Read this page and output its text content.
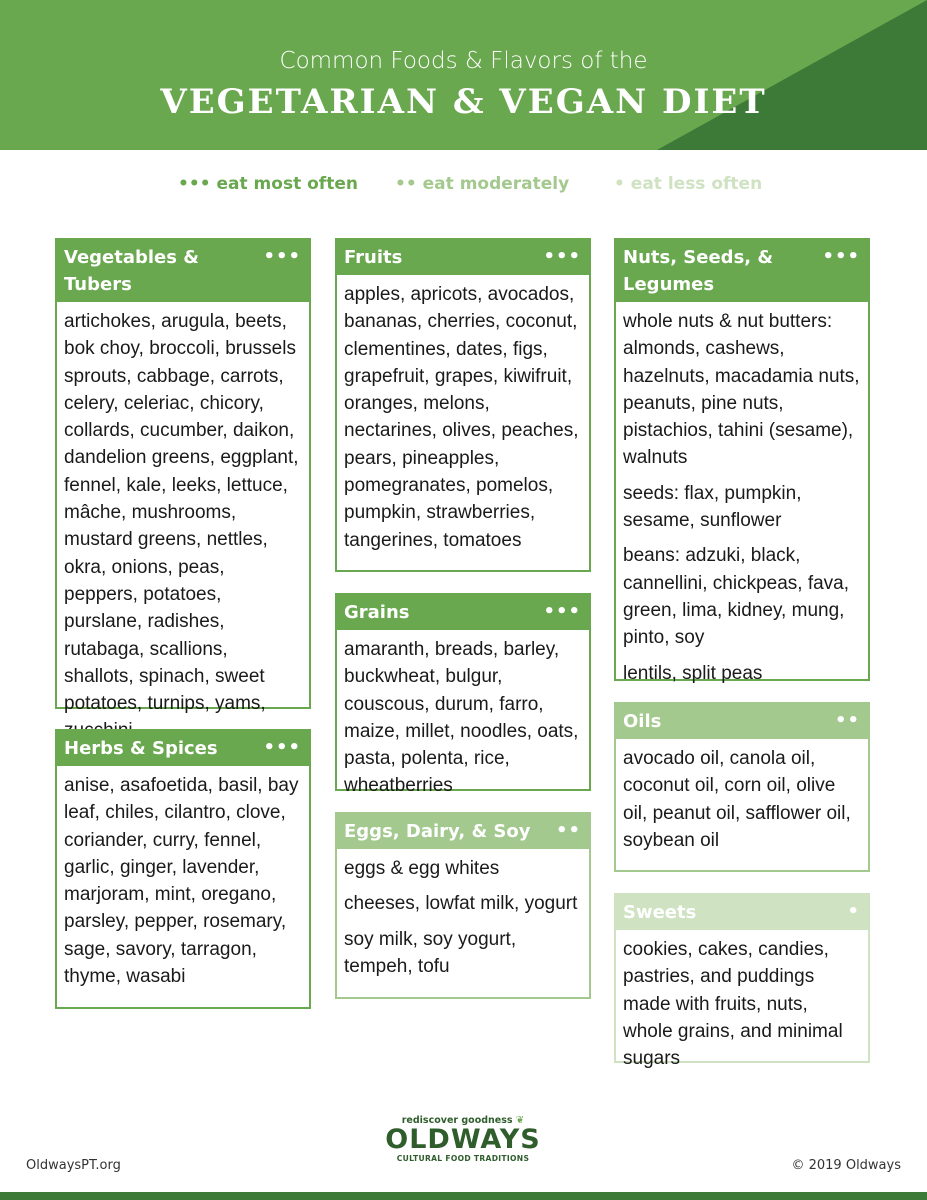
Common Foods & Flavors of the
VEGETARIAN & VEGAN DIET
••• eat most often •• eat moderately	• eat less often
Vegetables & Tubers
•••

artichokes, arugula, beets, bok choy, broccoli, brussels sprouts, cabbage, carrots, celery, celeriac, chicory, collards, cucumber, daikon, dandelion greens, eggplant, fennel, kale, leeks, lettuce, mâche, mushrooms, mustard greens, nettles, okra, onions, peas, peppers, potatoes, purslane, radishes, rutabaga, scallions, shallots, spinach, sweet potatoes, turnips, yams,

Herbs & Spices	•••

anise, asafoetida, basil, bay leaf, chiles, cilantro, clove, coriander, curry, fennel, garlic, ginger, lavender, marjoram, mint, oregano, parsley, pepper, rosemary, sage, savory, tarragon, thyme, wasabi

Fruits	•••

apples, apricots, avocados, bananas, cherries, coconut, clementines, dates, figs, grapefruit, grapes, kiwifruit, oranges, melons, nectarines, olives, peaches, pears, pineapples, pomegranates, pomelos, pumpkin, strawberries, tangerines, tomatoes

Grains	•••

amaranth, breads, barley, buckwheat, bulgur, couscous, durum, farro, maize, millet, noodles, oats, pasta, polenta, rice, wheatberries

Eggs, Dairy, & Soy ••

eggs & egg whites

cheeses, lowfat milk, yogurt

soy milk, soy yogurt, tempeh, tofu

Nuts, Seeds, & Legumes
•••

whole nuts & nut butters: almonds, cashews, hazelnuts, macadamia nuts, peanuts, pine nuts, pistachios, tahini (sesame), walnuts

seeds: flax, pumpkin, sesame, sunflower

beans: adzuki, black, cannellini, chickpeas, fava, green, lima, kidney, mung, pinto, soy

lentils, split peas

Oils	••

avocado oil, canola oil, coconut oil, corn oil, olive oil, peanut oil, safflower oil, soybean oil

Sweets	•

cookies, cakes, candies, pastries, and puddings made with fruits, nuts, whole grains, and minimal sugars

OldwaysPT.org
rediscover goodness ❦
OLDWAYS
CULTURAL FOOD TRADITIONS	© 2019 Oldways
